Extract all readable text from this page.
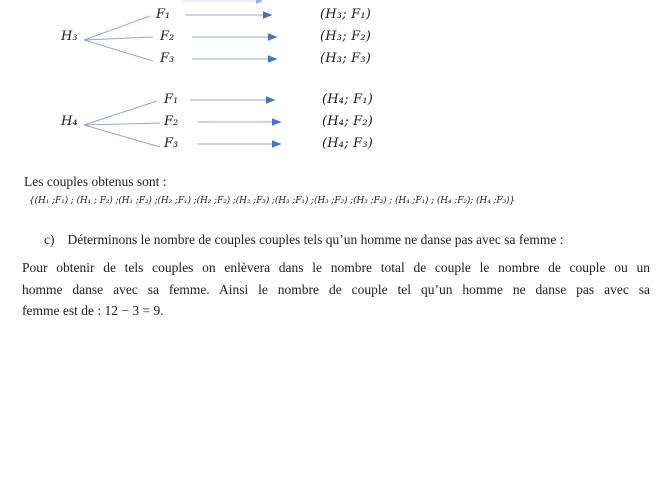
H₃
F₁
F₂
F₃
(H₃; F₁)
(H₃; F₂)
(H₃; F₃)
H₄
F₁
F₂
F₃
(H₄; F₁)
(H₄; F₂)
(H₄; F₃)

Les couples obtenus sont :

{(H₁ ;F₁) ; (H₁ ; F₂) ;(H₁ ;F₃) ;(H₂ ;F₁) ;(H₂ ;F₂) ;(H₂ ;F₃) ;(H₃ ;F₁) ;(H₃ ;F₂) ;(H₃ ;F₃) ; (H₄ ;F₁) ; (H₄ ;F₂); (H₄ ;F₃)}

c) Déterminons le nombre de couples couples tels qu’un homme ne danse pas avec sa femme :

Pour obtenir de tels couples on enlèvera dans le nombre total de couple le nombre de couple ou un
homme danse avec sa femme. Ainsi le nombre de couple tel qu’un homme ne danse pas avec sa
femme est de : 12 − 3 = 9.
